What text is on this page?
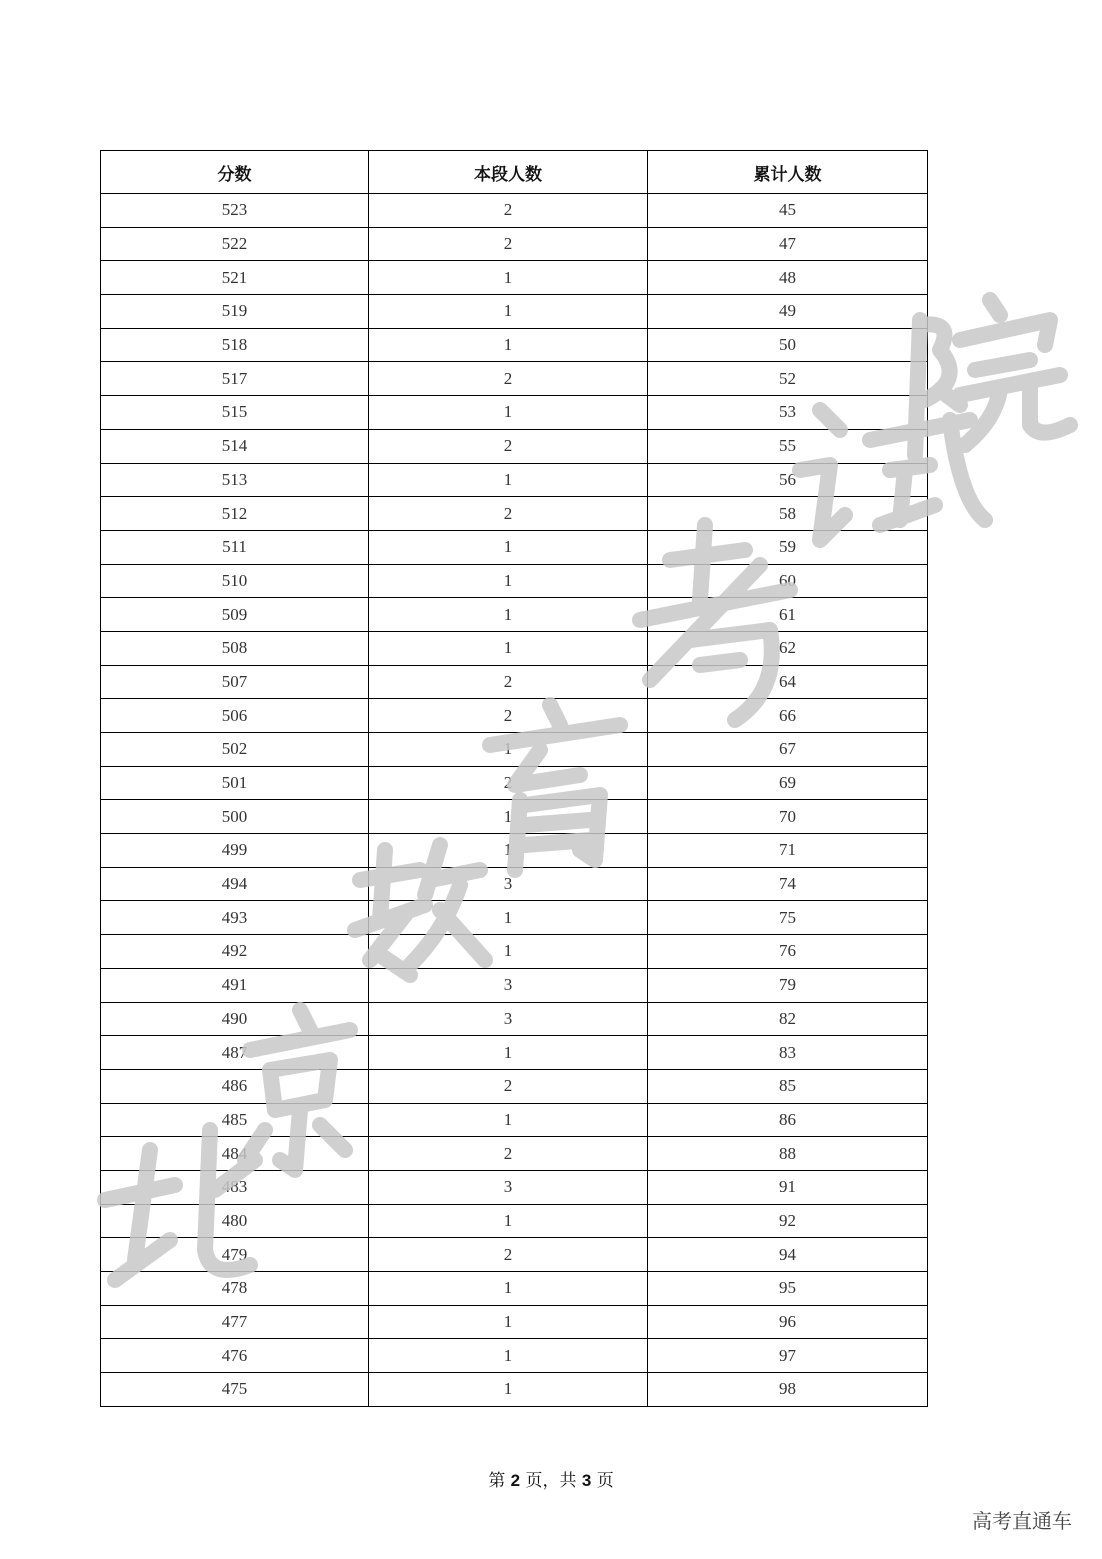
分数	本段人数	累计人数
523	2	45
522	2	47
521	1	48
519	1	49
518	1	50
517	2	52
515	1	53
514	2	55
513	1	56
512	2	58
511	1	59
510	1	60
509	1	61
508	1	62
507	2	64
506	2	66
502	1	67
501	2	69
500	1	70
499	1	71
494	3	74
493	1	75
492	1	76
491	3	79
490	3	82
487	1	83
486	2	85
485	1	86
484	2	88
483	3	91
480	1	92
479	2	94
478	1	95
477	1	96
476	1	97
475	1	98
第 2 页，共 3 页
高考直通车
